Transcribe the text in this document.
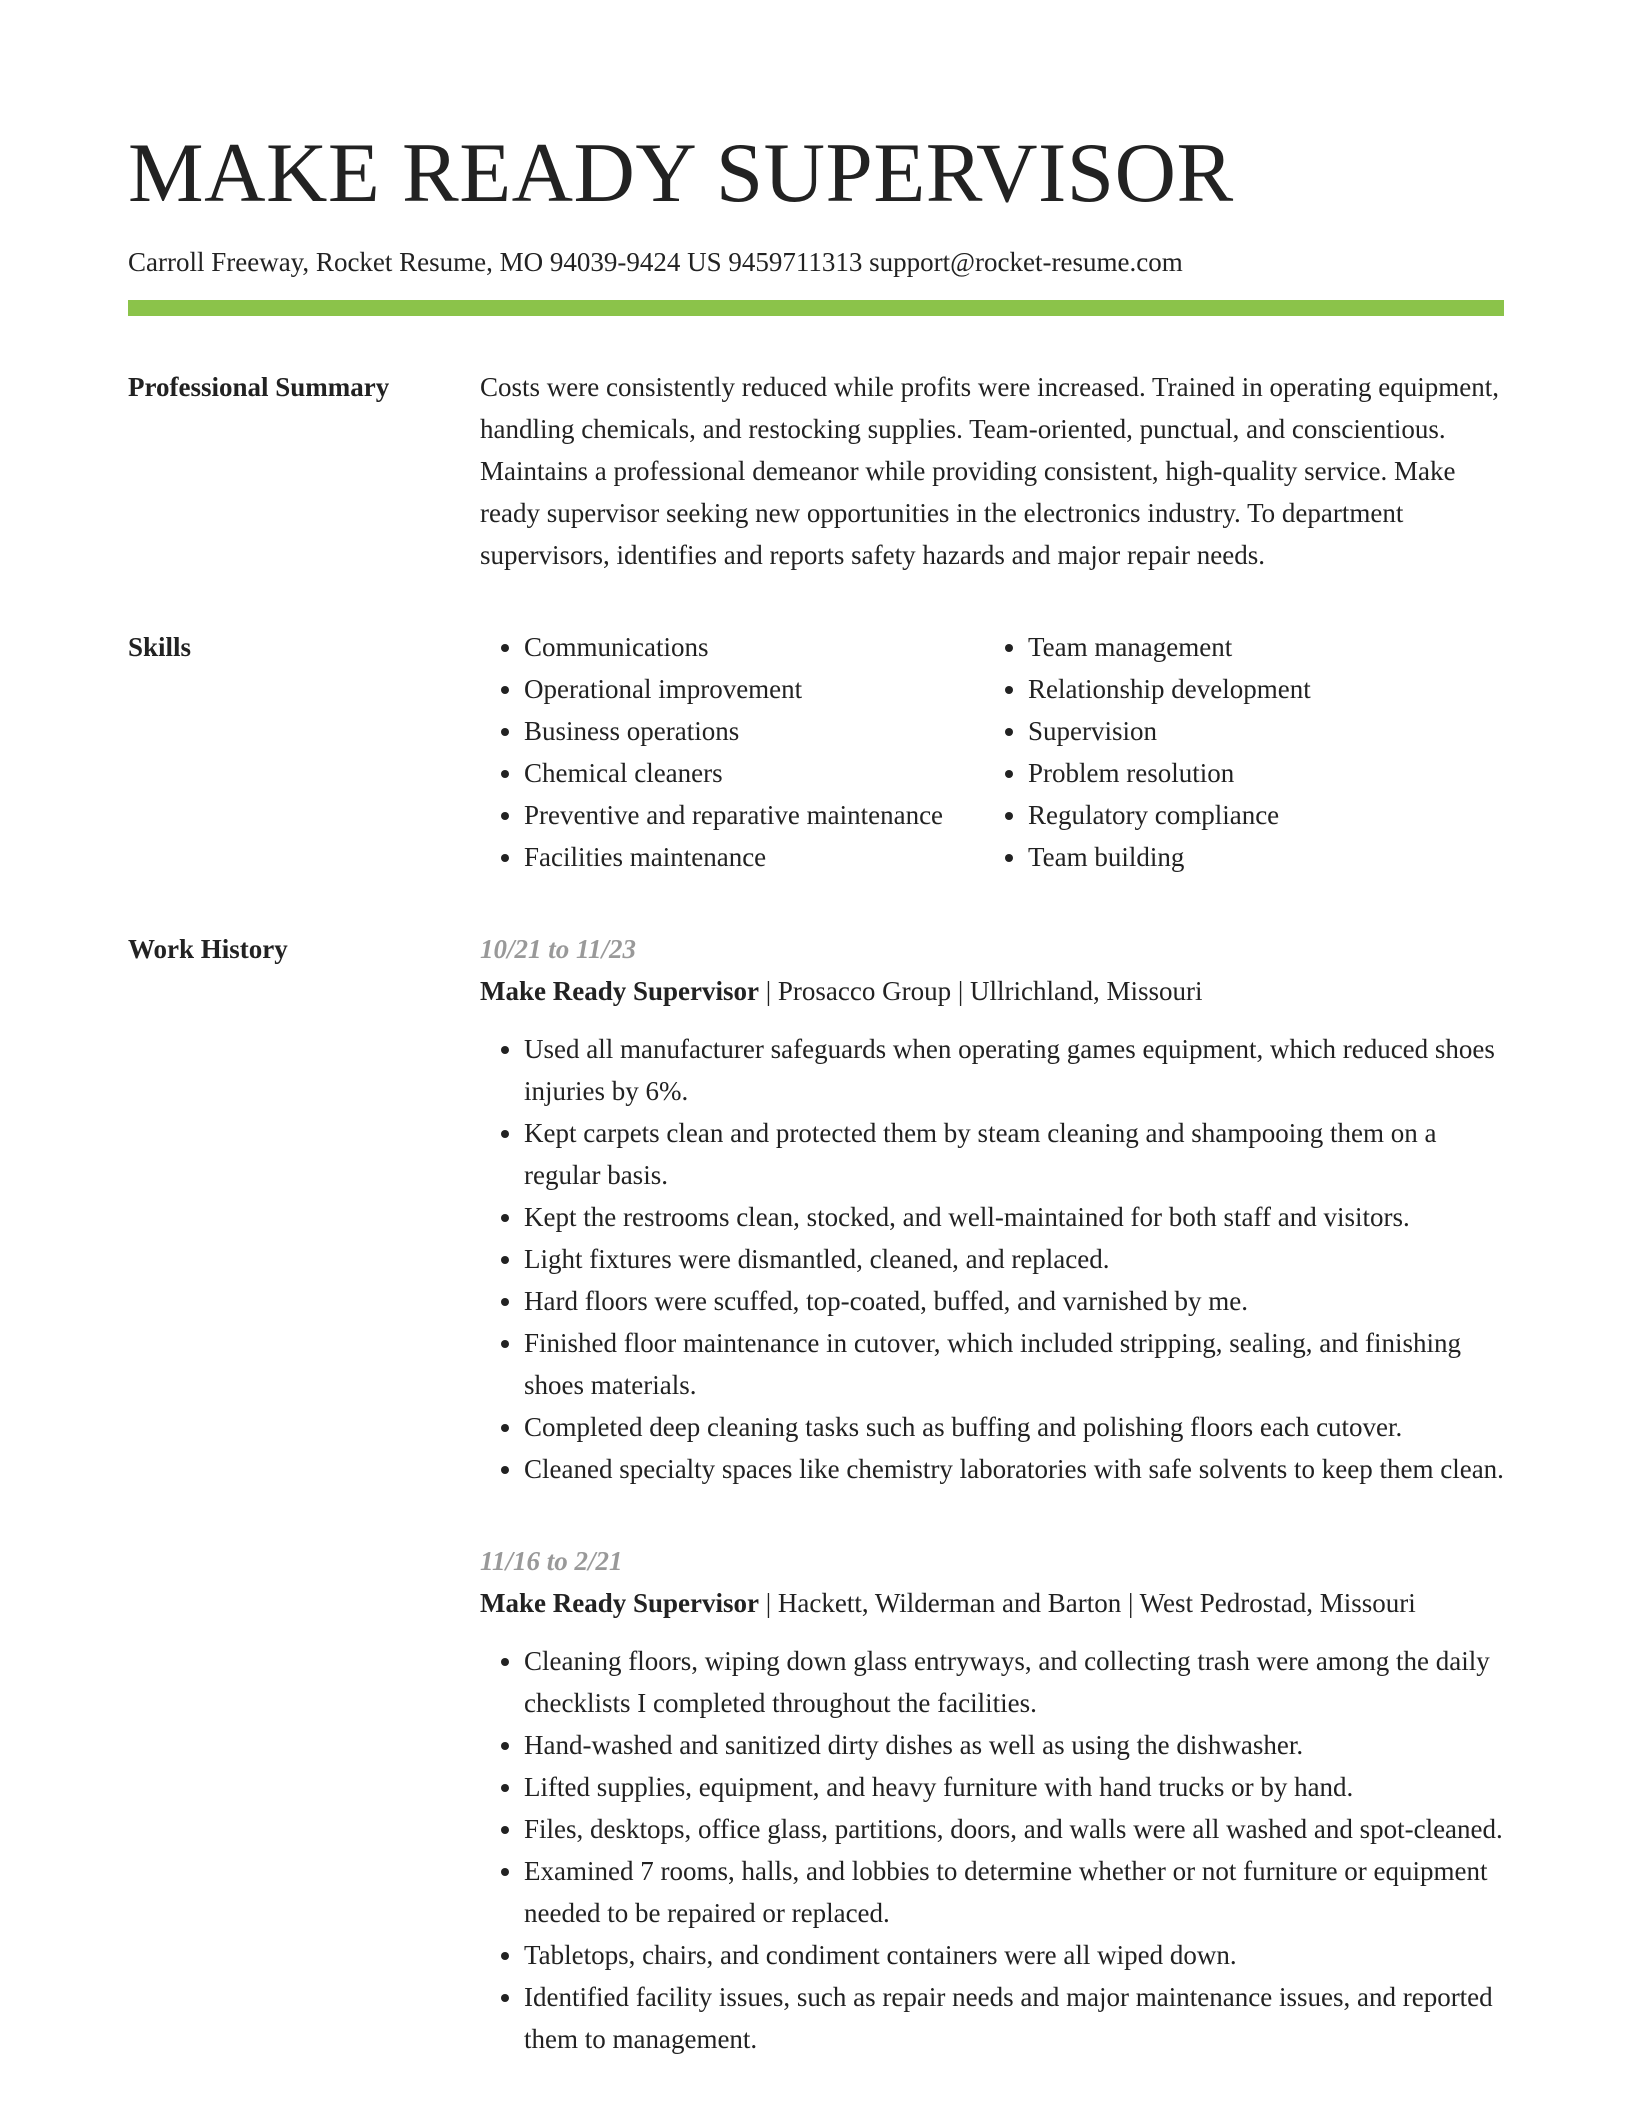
MAKE READY SUPERVISOR
Carroll Freeway, Rocket Resume, MO 94039-9424 US 9459711313 support@rocket-resume.com
Professional Summary	Costs were consistently reduced while profits were increased. Trained in operating equipment, handling chemicals, and restocking supplies. Team-oriented, punctual, and conscientious. Maintains a professional demeanor while providing consistent, high-quality service. Make ready supervisor seeking new opportunities in the electronics industry. To department supervisors, identifies and reports safety hazards and major repair needs.

Skills
•	Communications
• Operational improvement
• Business operations
• Chemical cleaners
• Preventive and reparative maintenance
• Facilities maintenance
• Team management
• Relationship development
• Supervision
• Problem resolution
• Regulatory compliance
• Team building
Work History	10/21 to 11/23
Make Ready Supervisor | Prosacco Group | Ullrichland, Missouri
• Used all manufacturer safeguards when operating games equipment, which reduced shoes injuries by 6%.
• Kept carpets clean and protected them by steam cleaning and shampooing them on a regular basis.
• Kept the restrooms clean, stocked, and well-maintained for both staff and visitors.
• Light fixtures were dismantled, cleaned, and replaced.
• Hard floors were scuffed, top-coated, buffed, and varnished by me.
• Finished floor maintenance in cutover, which included stripping, sealing, and finishing shoes materials.
• Completed deep cleaning tasks such as buffing and polishing floors each cutover.
• Cleaned specialty spaces like chemistry laboratories with safe solvents to keep them clean.
11/16 to 2/21
Make Ready Supervisor | Hackett, Wilderman and Barton | West Pedrostad, Missouri
• Cleaning floors, wiping down glass entryways, and collecting trash were among the daily checklists I completed throughout the facilities.
• Hand-washed and sanitized dirty dishes as well as using the dishwasher.
• Lifted supplies, equipment, and heavy furniture with hand trucks or by hand.
• Files, desktops, office glass, partitions, doors, and walls were all washed and spot-cleaned.
• Examined 7 rooms, halls, and lobbies to determine whether or not furniture or equipment needed to be repaired or replaced.
• Tabletops, chairs, and condiment containers were all wiped down.
• Identified facility issues, such as repair needs and major maintenance issues, and reported them to management.
